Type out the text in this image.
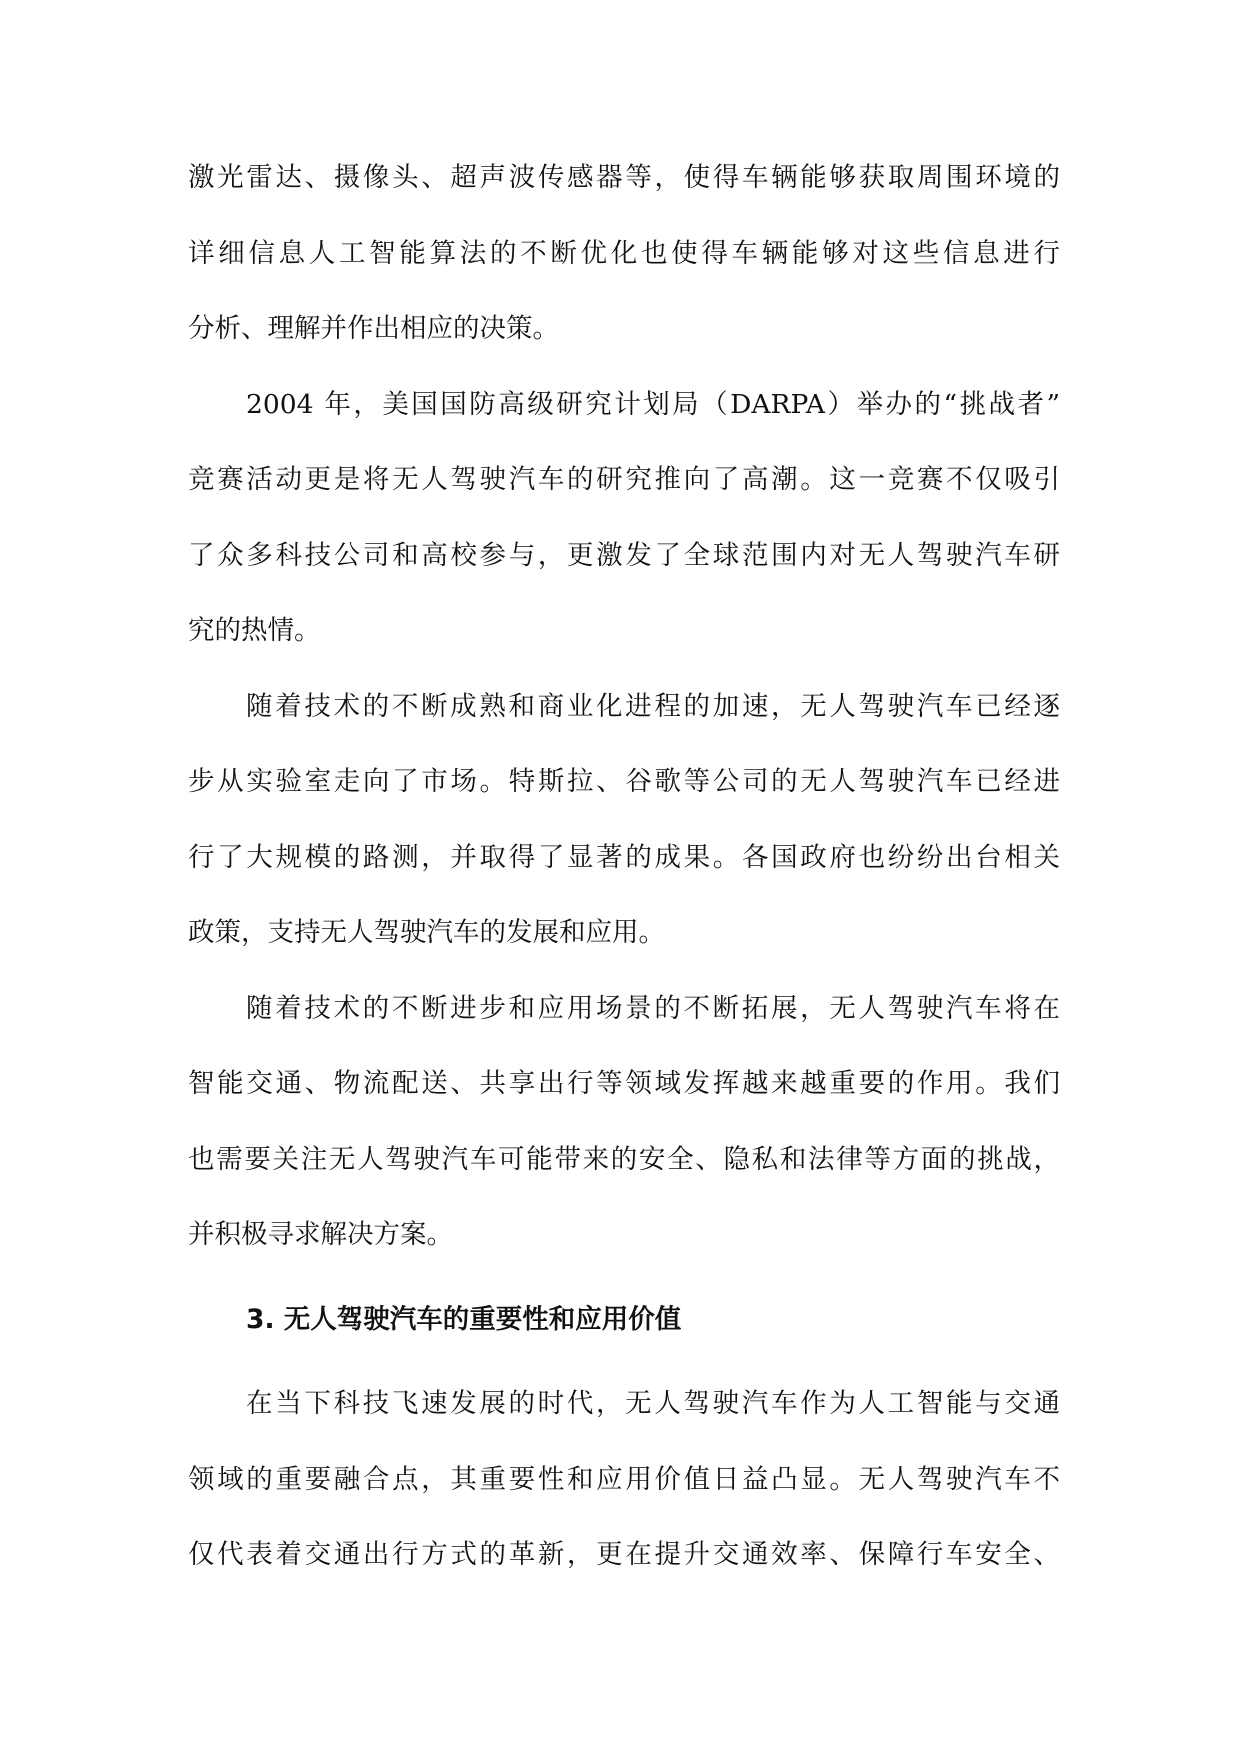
激光雷达、摄像头、超声波传感器等，使得车辆能够获取周围环境的
详细信息人工智能算法的不断优化也使得车辆能够对这些信息进行
分析、理解并作出相应的决策。
2004 年，美国国防高级研究计划局（DARPA）举办的“挑战者”
竞赛活动更是将无人驾驶汽车的研究推向了高潮。这一竞赛不仅吸引
了众多科技公司和高校参与，更激发了全球范围内对无人驾驶汽车研
究的热情。
随着技术的不断成熟和商业化进程的加速，无人驾驶汽车已经逐
步从实验室走向了市场。特斯拉、谷歌等公司的无人驾驶汽车已经进
行了大规模的路测，并取得了显著的成果。各国政府也纷纷出台相关
政策，支持无人驾驶汽车的发展和应用。
随着技术的不断进步和应用场景的不断拓展，无人驾驶汽车将在
智能交通、物流配送、共享出行等领域发挥越来越重要的作用。我们
也需要关注无人驾驶汽车可能带来的安全、隐私和法律等方面的挑战，
并积极寻求解决方案。
3. 无人驾驶汽车的重要性和应用价值
在当下科技飞速发展的时代，无人驾驶汽车作为人工智能与交通
领域的重要融合点，其重要性和应用价值日益凸显。无人驾驶汽车不
仅代表着交通出行方式的革新，更在提升交通效率、保障行车安全、
